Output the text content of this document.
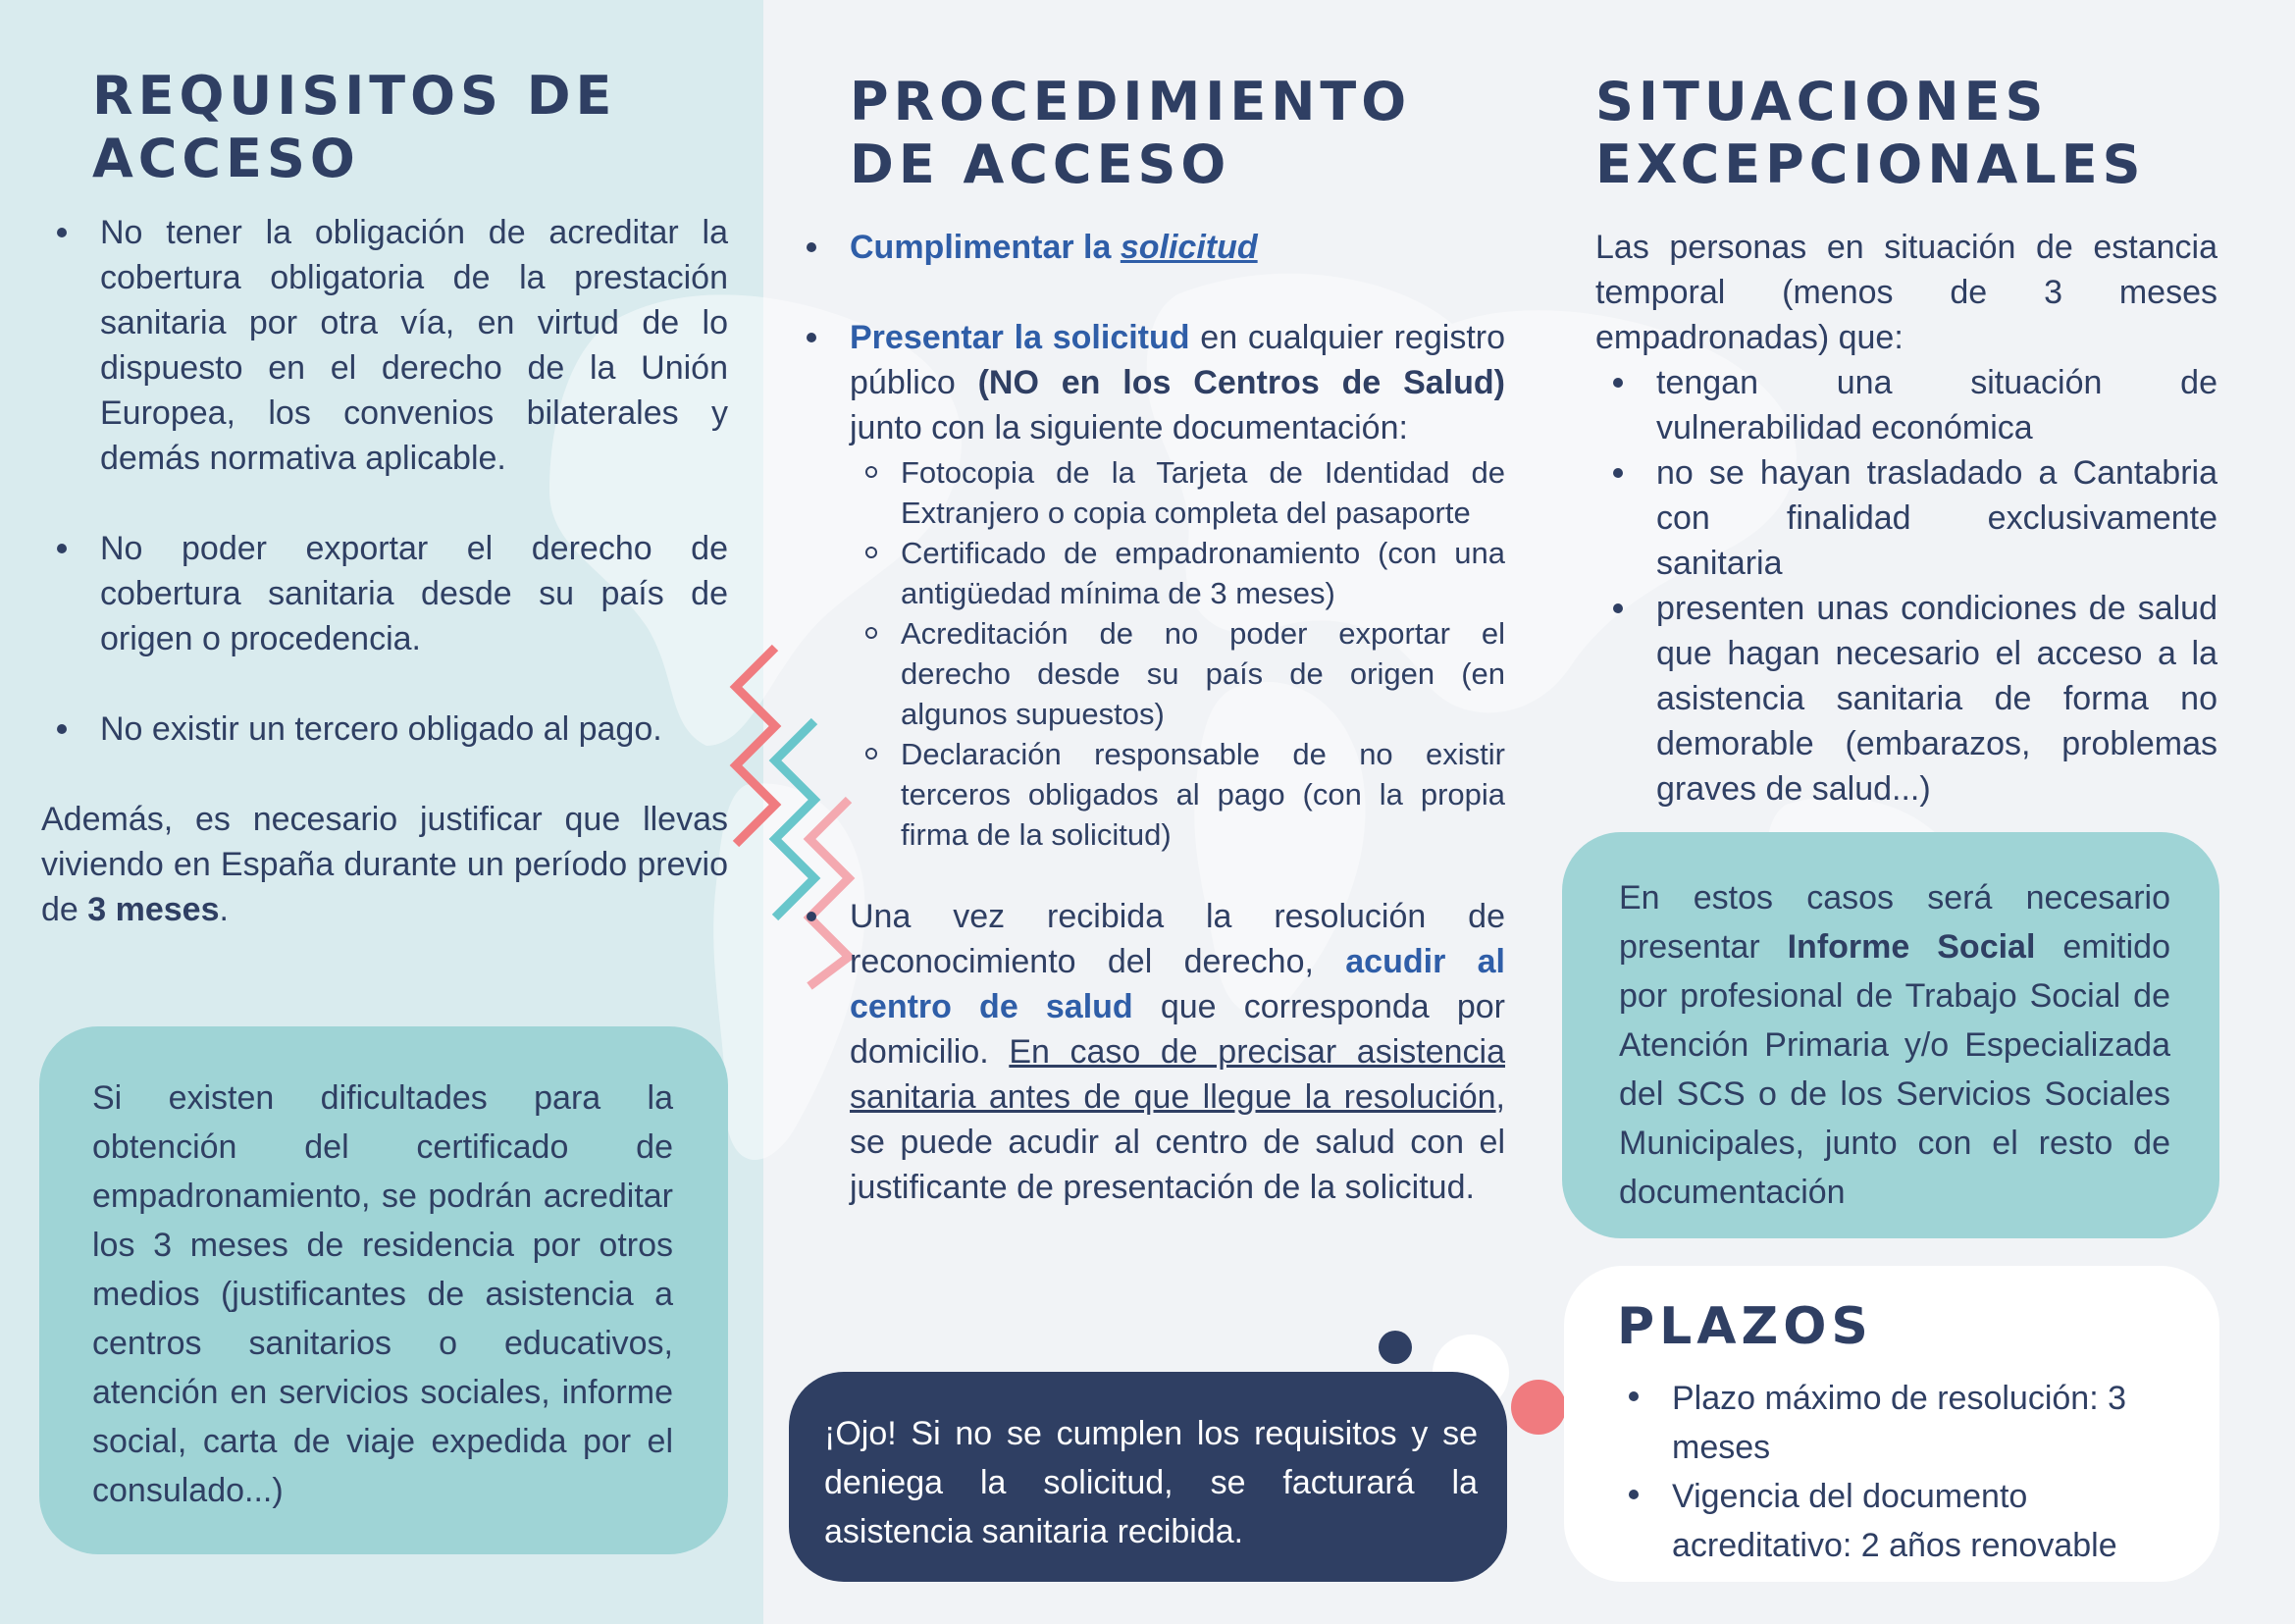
REQUISITOS DE
ACCESO
No tener la obligación de acreditar la cobertura obligatoria de la prestación sanitaria por otra vía, en virtud de lo dispuesto en el derecho de la Unión Europea, los convenios bilaterales y demás normativa aplicable.
No poder exportar el derecho de cobertura sanitaria desde su país de origen o procedencia.
No existir un tercero obligado al pago.

Además, es necesario justificar que llevas viviendo en España durante un período previo de 3 meses.

Si existen dificultades para la obtención del certificado de empadronamiento, se podrán acreditar los 3 meses de residencia por otros medios (justificantes de asistencia a centros sanitarios o educativos, atención en servicios sociales, informe social, carta de viaje expedida por el consulado...)

PROCEDIMIENTO
DE ACCESO
Cumplimentar la solicitud
Presentar la solicitud en cualquier registro público (NO en los Centros de Salud) junto con la siguiente documentación:
Fotocopia de la Tarjeta de Identidad de Extranjero o copia completa del pasaporte
Certificado de empadronamiento (con una antigüedad mínima de 3 meses)
Acreditación de no poder exportar el derecho desde su país de origen (en algunos supuestos)
Declaración responsable de no existir terceros obligados al pago (con la propia firma de la solicitud)
Una vez recibida la resolución de reconocimiento del derecho, acudir al centro de salud que corresponda por domicilio. En caso de precisar asistencia sanitaria antes de que llegue la resolución, se puede acudir al centro de salud con el justificante de presentación de la solicitud.

¡Ojo! Si no se cumplen los requisitos y se deniega la solicitud, se facturará la asistencia sanitaria recibida.

SITUACIONES
EXCEPCIONALES

Las personas en situación de estancia temporal (menos de 3 meses empadronadas) que:

tengan una situación de vulnerabilidad económica
no se hayan trasladado a Cantabria con finalidad exclusivamente sanitaria
presenten unas condiciones de salud que hagan necesario el acceso a la asistencia sanitaria de forma no demorable (embarazos, problemas graves de salud...)

En estos casos será necesario presentar Informe Social emitido por profesional de Trabajo Social de Atención Primaria y/o Especializada del SCS o de los Servicios Sociales Municipales, junto con el resto de documentación

PLAZOS
Plazo máximo de resolución: 3 meses
Vigencia del documento acreditativo: 2 años renovable
